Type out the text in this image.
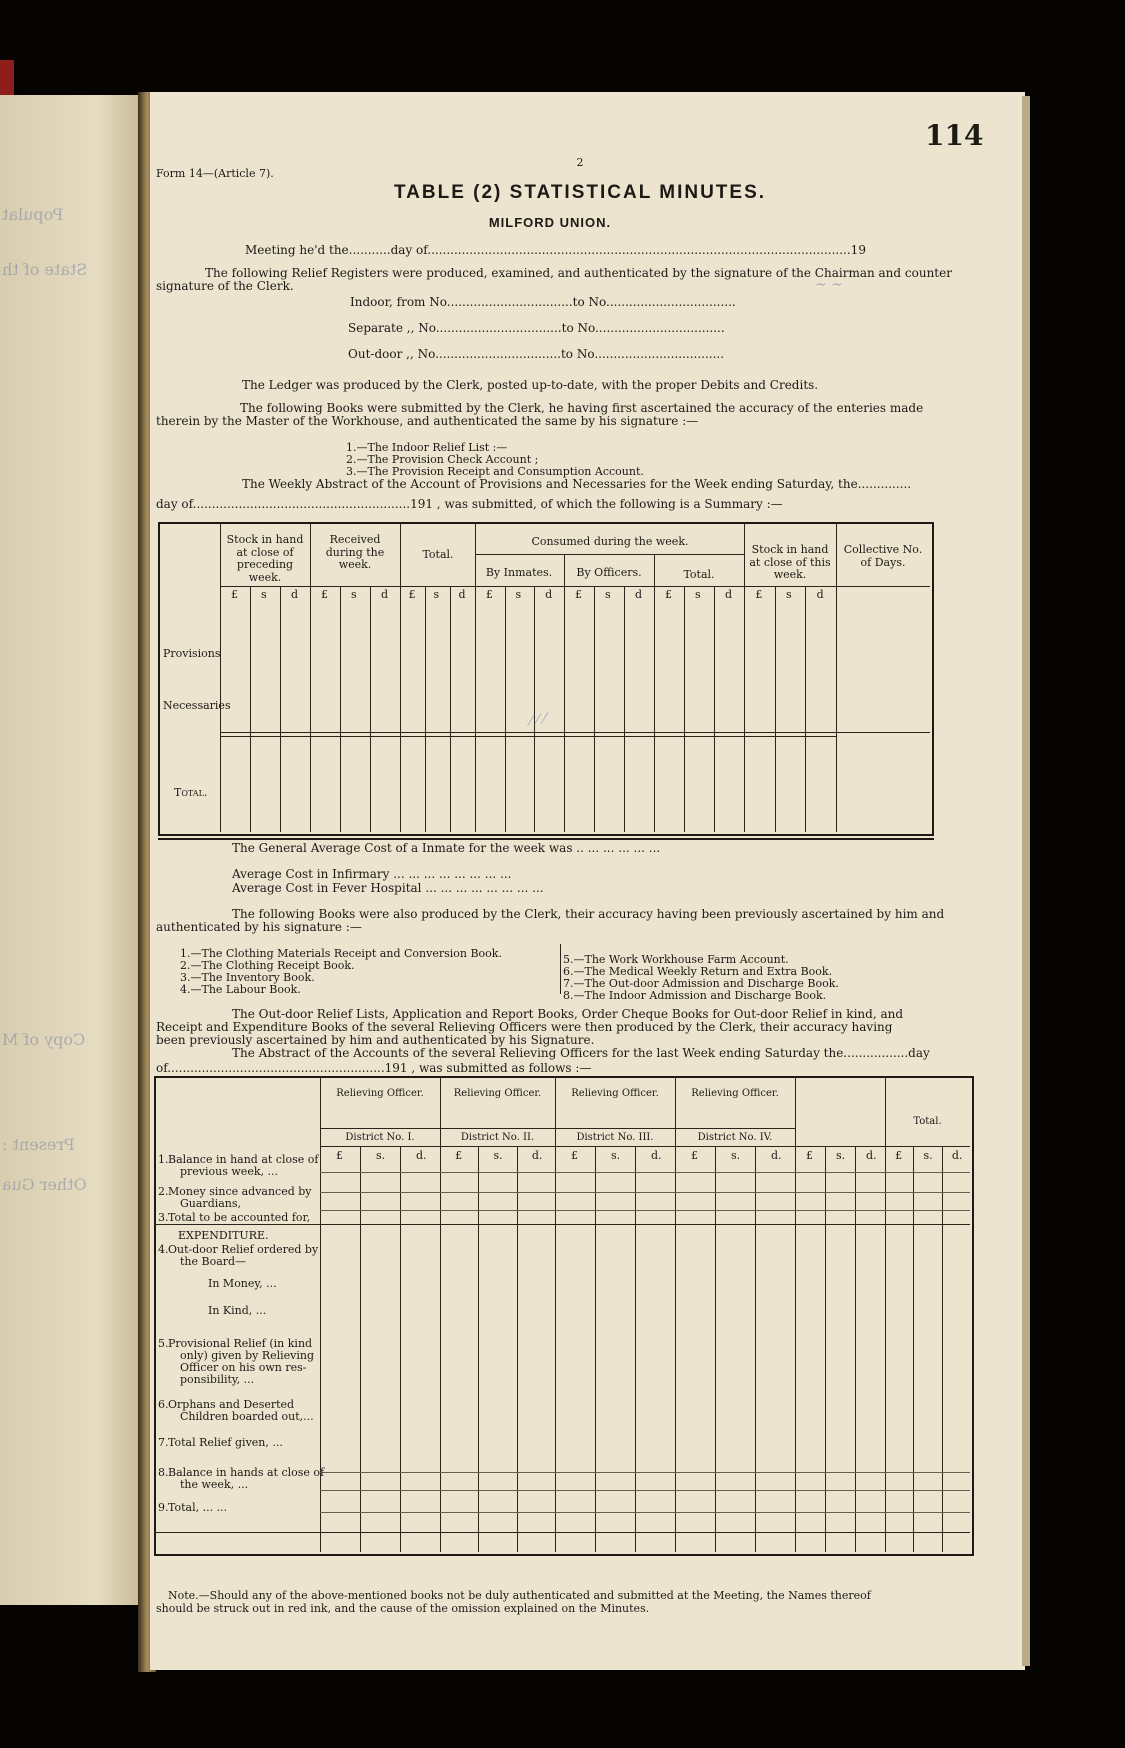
Populat
State of th
Copy of M
Present :
Other Gua
114
2
Form 14—(Article 7).
TABLE (2) STATISTICAL MINUTES.
MILFORD UNION.
Meeting he'd the...........day of...............................................................................................................19
The following Relief Registers were produced, examined, and authenticated by the signature of the Chairman and counter
signature of the Clerk.
Indoor, from No.................................to No..................................
Separate ,, No.................................to No..................................
Out-door ,, No.................................to No..................................
The Ledger was produced by the Clerk, posted up-to-date, with the proper Debits and Credits.
The following Books were submitted by the Clerk, he having first ascertained the accuracy of the enteries made
therein by the Master of the Workhouse, and authenticated the same by his signature :—
1.—The Indoor Relief List :—
2.—The Provision Check Account ;
3.—The Provision Receipt and Consumption Account.
The Weekly Abstract of the Account of Provisions and Necessaries for the Week ending Saturday, the..............
day of.........................................................191 , was submitted, of which the following is a Summary :—
Stock in hand at close of preceding week.
Received during the week.
Total.
Consumed during the week.
By Inmates. By Officers.	Total.
Stock in hand at close of this week.
Collective No. of Days.
£ s d £ s d £ s d £ s d £ s d £ s d £ s d
Provisions
Necessaries
Total.
The General Average Cost of a Inmate for the week was .. ... ... ... ... ...
Average Cost in Infirmary ... ... ... ... ... ... ... ...
Average Cost in Fever Hospital ... ... ... ... ... ... ... ...
The following Books were also produced by the Clerk, their accuracy having been previously ascertained by him and
authenticated by his signature :—
1.—The Clothing Materials Receipt and Conversion Book.
2.—The Clothing Receipt Book.
3.—The Inventory Book.
4.—The Labour Book.
5.—The Work Workhouse Farm Account.
6.—The Medical Weekly Return and Extra Book.
7.—The Out-door Admission and Discharge Book.
8.—The Indoor Admission and Discharge Book.
The Out-door Relief Lists, Application and Report Books, Order Cheque Books for Out-door Relief in kind, and
Receipt and Expenditure Books of the several Relieving Officers were then produced by the Clerk, their accuracy having
been previously ascertained by him and authenticated by his Signature.
The Abstract of the Accounts of the several Relieving Officers for the last Week ending Saturday the.................day
of.........................................................191 , was submitted as follows :—
Relieving Officer.
District No. I.
Relieving Officer.
District No. II.
Relieving Officer.
District No. III.
Relieving Officer.
District No. IV.
Total.
£	s.	d.	£	s.	d.	£	s.	d.	£	s.	d. £ s. d. £ s. d.
1. Balance in hand at close of
previous week, ...
2. Money since advanced by
Guardians,
3. Total to be accounted for,
EXPENDITURE.
4. Out-door Relief ordered by
the Board—
In Money, ...
In Kind, ...
5. Provisional Relief (in kind
only) given by Relieving
Officer on his own res-
ponsibility, ...
6. Orphans and Deserted
Children boarded out,...
7. Total Relief given, ...
8. Balance in hands at close of
the week, ...
9. Total, ... ...
Note.—Should any of the above-mentioned books not be duly authenticated and submitted at the Meeting, the Names thereof
should be struck out in red ink, and the cause of the omission explained on the Minutes.
~ ~
⁄ ⁄ ⁄
